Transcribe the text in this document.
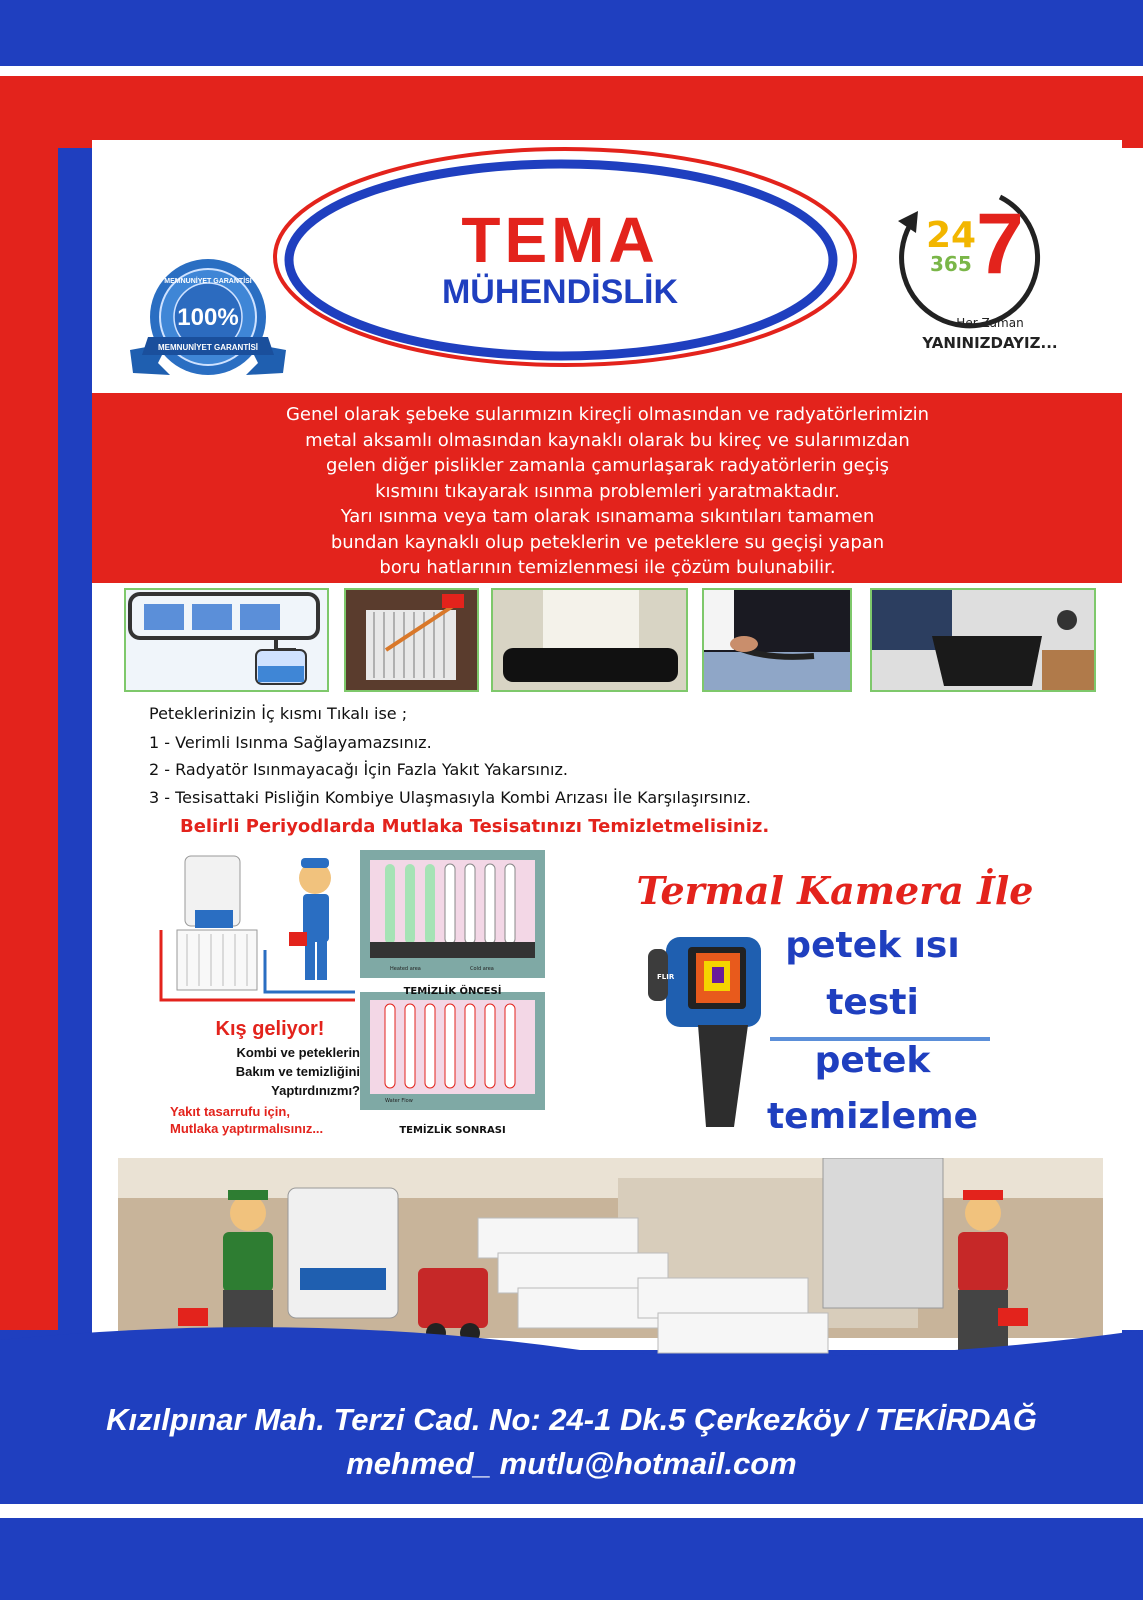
TEMA
MÜHENDİSLİK
MEMNUNİYET GARANTİSİ
100%
MEMNUNİYET GARANTİSİ
24
365 7
Her Zaman
YANINIZDAYIZ...
Genel olarak şebeke sularımızın kireçli olmasından ve radyatörlerimizin
metal aksamlı olmasından kaynaklı olarak bu kireç ve sularımızdan
gelen diğer pislikler zamanla çamurlaşarak radyatörlerin geçiş
kısmını tıkayarak ısınma problemleri yaratmaktadır.
Yarı ısınma veya tam olarak ısınamama sıkıntıları tamamen
bundan kaynaklı olup peteklerin ve peteklere su geçişi yapan
boru hatlarının temizlenmesi ile çözüm bulunabilir.
Peteklerinizin İç kısmı Tıkalı ise ;
1 - Verimli Isınma Sağlayamazsınız.
2 - Radyatör Isınmayacağı İçin Fazla Yakıt Yakarsınız.
3 - Tesisattaki Pisliğin Kombiye Ulaşmasıyla Kombi Arızası İle Karşılaşırsınız.
Belirli Periyodlarda Mutlaka Tesisatınızı Temizletmelisiniz.
Heated area	Cold area
Water Flow
Kış geliyor!
Kombi ve peteklerin
Bakım ve temizliğini
Yaptırdınızmı?
Yakıt tasarrufu için,
Mutlaka yaptırmalısınız...
TEMİZLİK ÖNCESİ
TEMİZLİK SONRASI
Termal Kamera İle
FLIR
petek ısı
testi
petek
temizleme
Kızılpınar Mah. Terzi Cad. No: 24-1 Dk.5 Çerkezköy / TEKİRDAĞ
mehmed_ mutlu@hotmail.com
